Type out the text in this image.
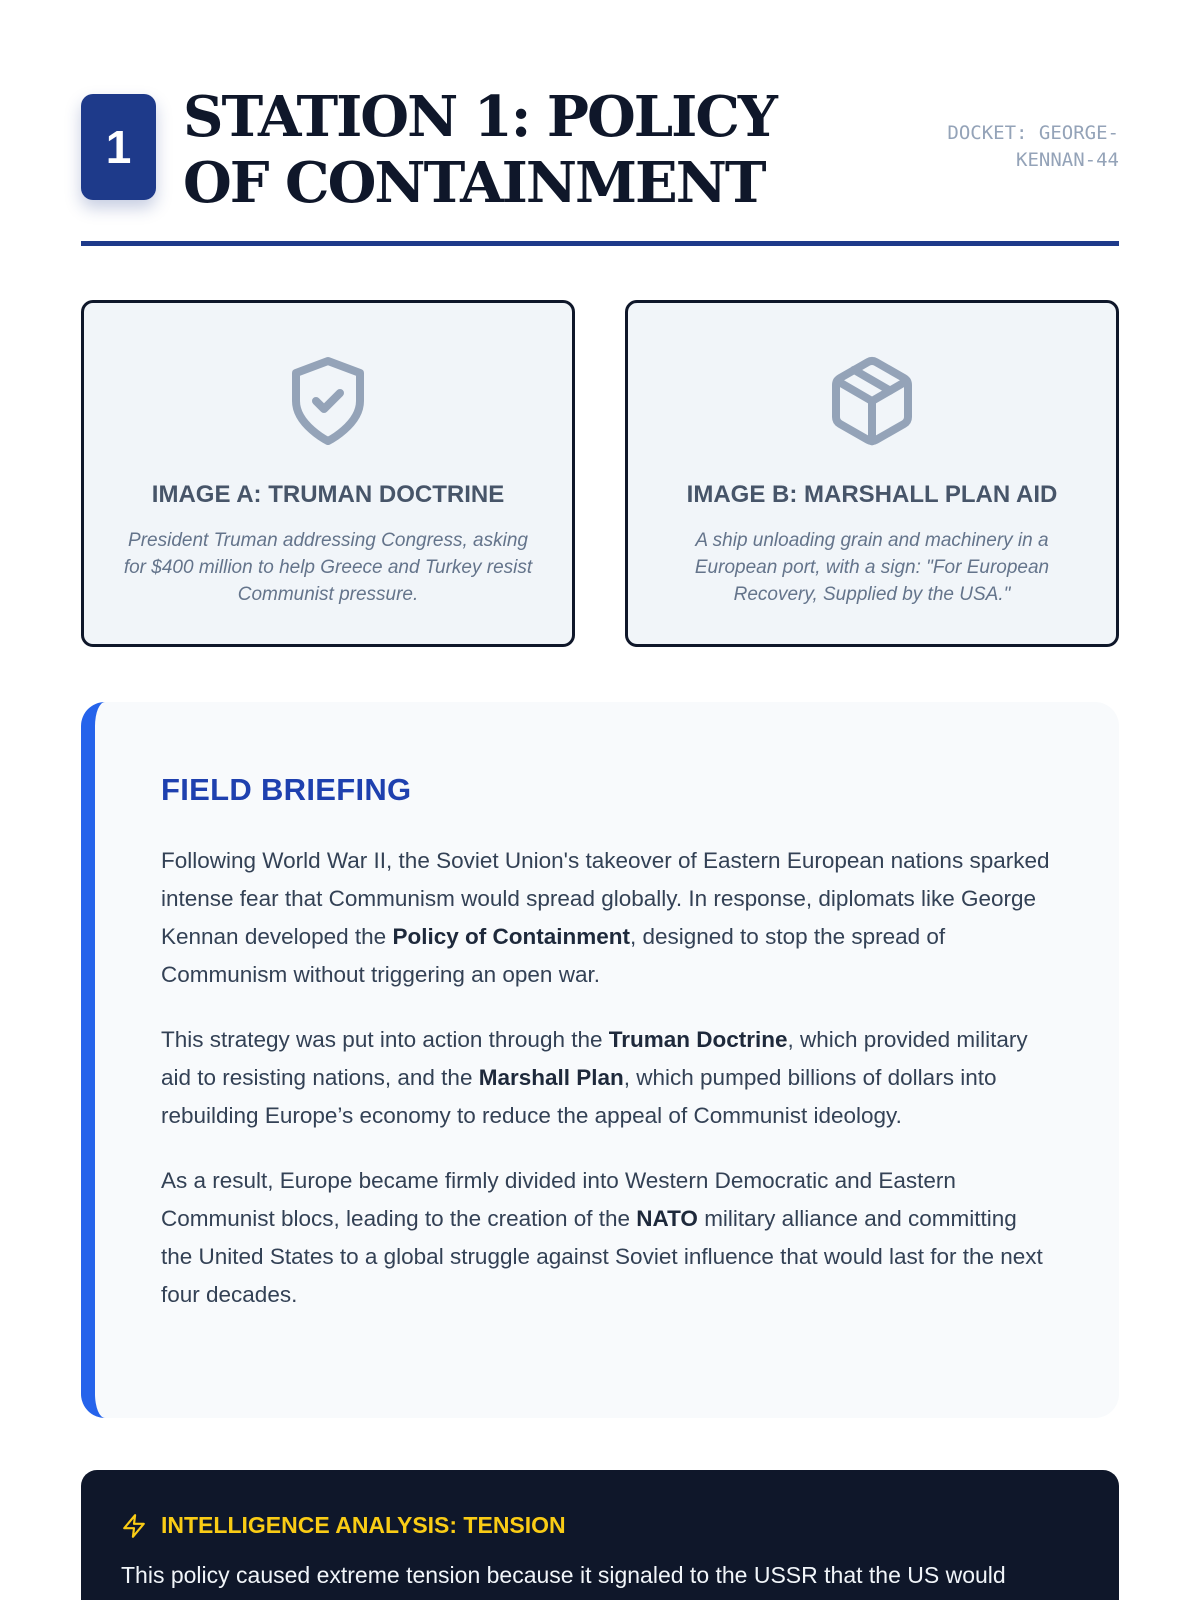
1 STATION 1: POLICY OF CONTAINMENT
DOCKET: GEORGE-KENNAN-44
IMAGE A: TRUMAN DOCTRINE
President Truman addressing Congress, asking for $400 million to help Greece and Turkey resist Communist pressure.
IMAGE B: MARSHALL PLAN AID
A ship unloading grain and machinery in a European port, with a sign: "For European Recovery, Supplied by the USA."
FIELD BRIEFING

Following World War II, the Soviet Union's takeover of Eastern European nations sparked intense fear that Communism would spread globally. In response, diplomats like George Kennan developed the Policy of Containment, designed to stop the spread of Communism without triggering an open war.

This strategy was put into action through the Truman Doctrine, which provided military aid to resisting nations, and the Marshall Plan, which pumped billions of dollars into rebuilding Europe’s economy to reduce the appeal of Communist ideology.

As a result, Europe became firmly divided into Western Democratic and Eastern Communist blocs, leading to the creation of the NATO military alliance and committing the United States to a global struggle against Soviet influence that would last for the next four decades.

INTELLIGENCE ANALYSIS: TENSION

This policy caused extreme tension because it signaled to the USSR that the US would
